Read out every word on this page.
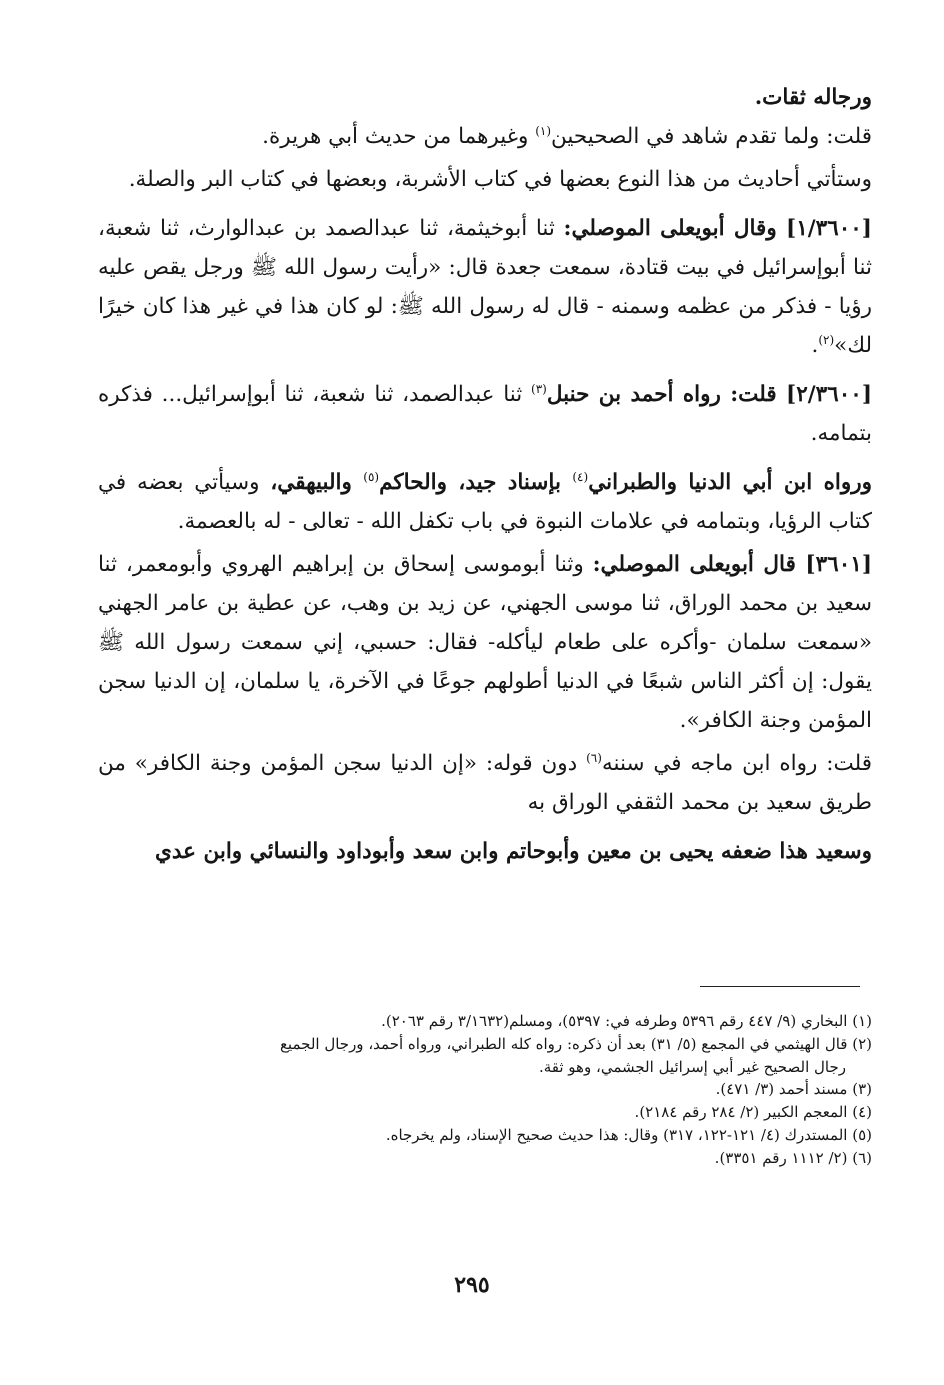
ورجاله ثقات.

قلت: ولما تقدم شاهد في الصحيحين$^{(١)}$ وغيرهما من حديث أبي هريرة.

وستأتي أحاديث من هذا النوع بعضها في كتاب الأشربة، وبعضها في كتاب البر والصلة.

[١/٣٦٠٠] وقال أبويعلى الموصلي: ثنا أبوخيثمة، ثنا عبدالصمد بن عبدالوارث، ثنا شعبة، ثنا أبوإسرائيل في بيت قتادة، سمعت جعدة قال: «رأيت رسول الله ﷺ ورجل يقص عليه رؤيا - فذكر من عظمه وسمنه - قال له رسول الله ﷺ: لو كان هذا في غير هذا كان خيرًا لك»$^{(٢)}$.

[٢/٣٦٠٠] قلت: رواه أحمد بن حنبل$^{(٣)}$ ثنا عبدالصمد، ثنا شعبة، ثنا أبوإسرائيل... فذكره بتمامه.

ورواه ابن أبي الدنيا والطبراني$^{(٤)}$ بإسناد جيد، والحاكم$^{(٥)}$ والبيهقي، وسيأتي بعضه في كتاب الرؤيا، وبتمامه في علامات النبوة في باب تكفل الله - تعالى - له بالعصمة.

[٣٦٠١] قال أبويعلى الموصلي: وثنا أبوموسى إسحاق بن إبراهيم الهروي وأبومعمر، ثنا سعيد بن محمد الوراق، ثنا موسى الجهني، عن زيد بن وهب، عن عطية بن عامر الجهني «سمعت سلمان -وأكره على طعام ليأكله- فقال: حسبي، إني سمعت رسول الله ﷺ يقول: إن أكثر الناس شبعًا في الدنيا أطولهم جوعًا في الآخرة، يا سلمان، إن الدنيا سجن المؤمن وجنة الكافر».

قلت: رواه ابن ماجه في سننه$^{(٦)}$ دون قوله: «إن الدنيا سجن المؤمن وجنة الكافر» من طريق سعيد بن محمد الثقفي الوراق به

وسعيد هذا ضعفه يحيى بن معين وأبوحاتم وابن سعد وأبوداود والنسائي وابن عدي

(١) البخاري (٩/ ٤٤٧ رقم ٥٣٩٦ وطرفه في: ٥٣٩٧)، ومسلم(٣/١٦٣٢ رقم ٢٠٦٣).

(٢) قال الهيثمي في المجمع (٥/ ٣١) بعد أن ذكره: رواه كله الطبراني، ورواه أحمد، ورجال الجميع

رجال الصحيح غير أبي إسرائيل الجشمي، وهو ثقة.

(٣) مسند أحمد (٣/ ٤٧١).

(٤) المعجم الكبير (٢/ ٢٨٤ رقم ٢١٨٤).

(٥) المستدرك (٤/ ١٢١-١٢٢، ٣١٧) وقال: هذا حديث صحيح الإسناد، ولم يخرجاه.

(٦) (٢/ ١١١٢ رقم ٣٣٥١).

٢٩٥
